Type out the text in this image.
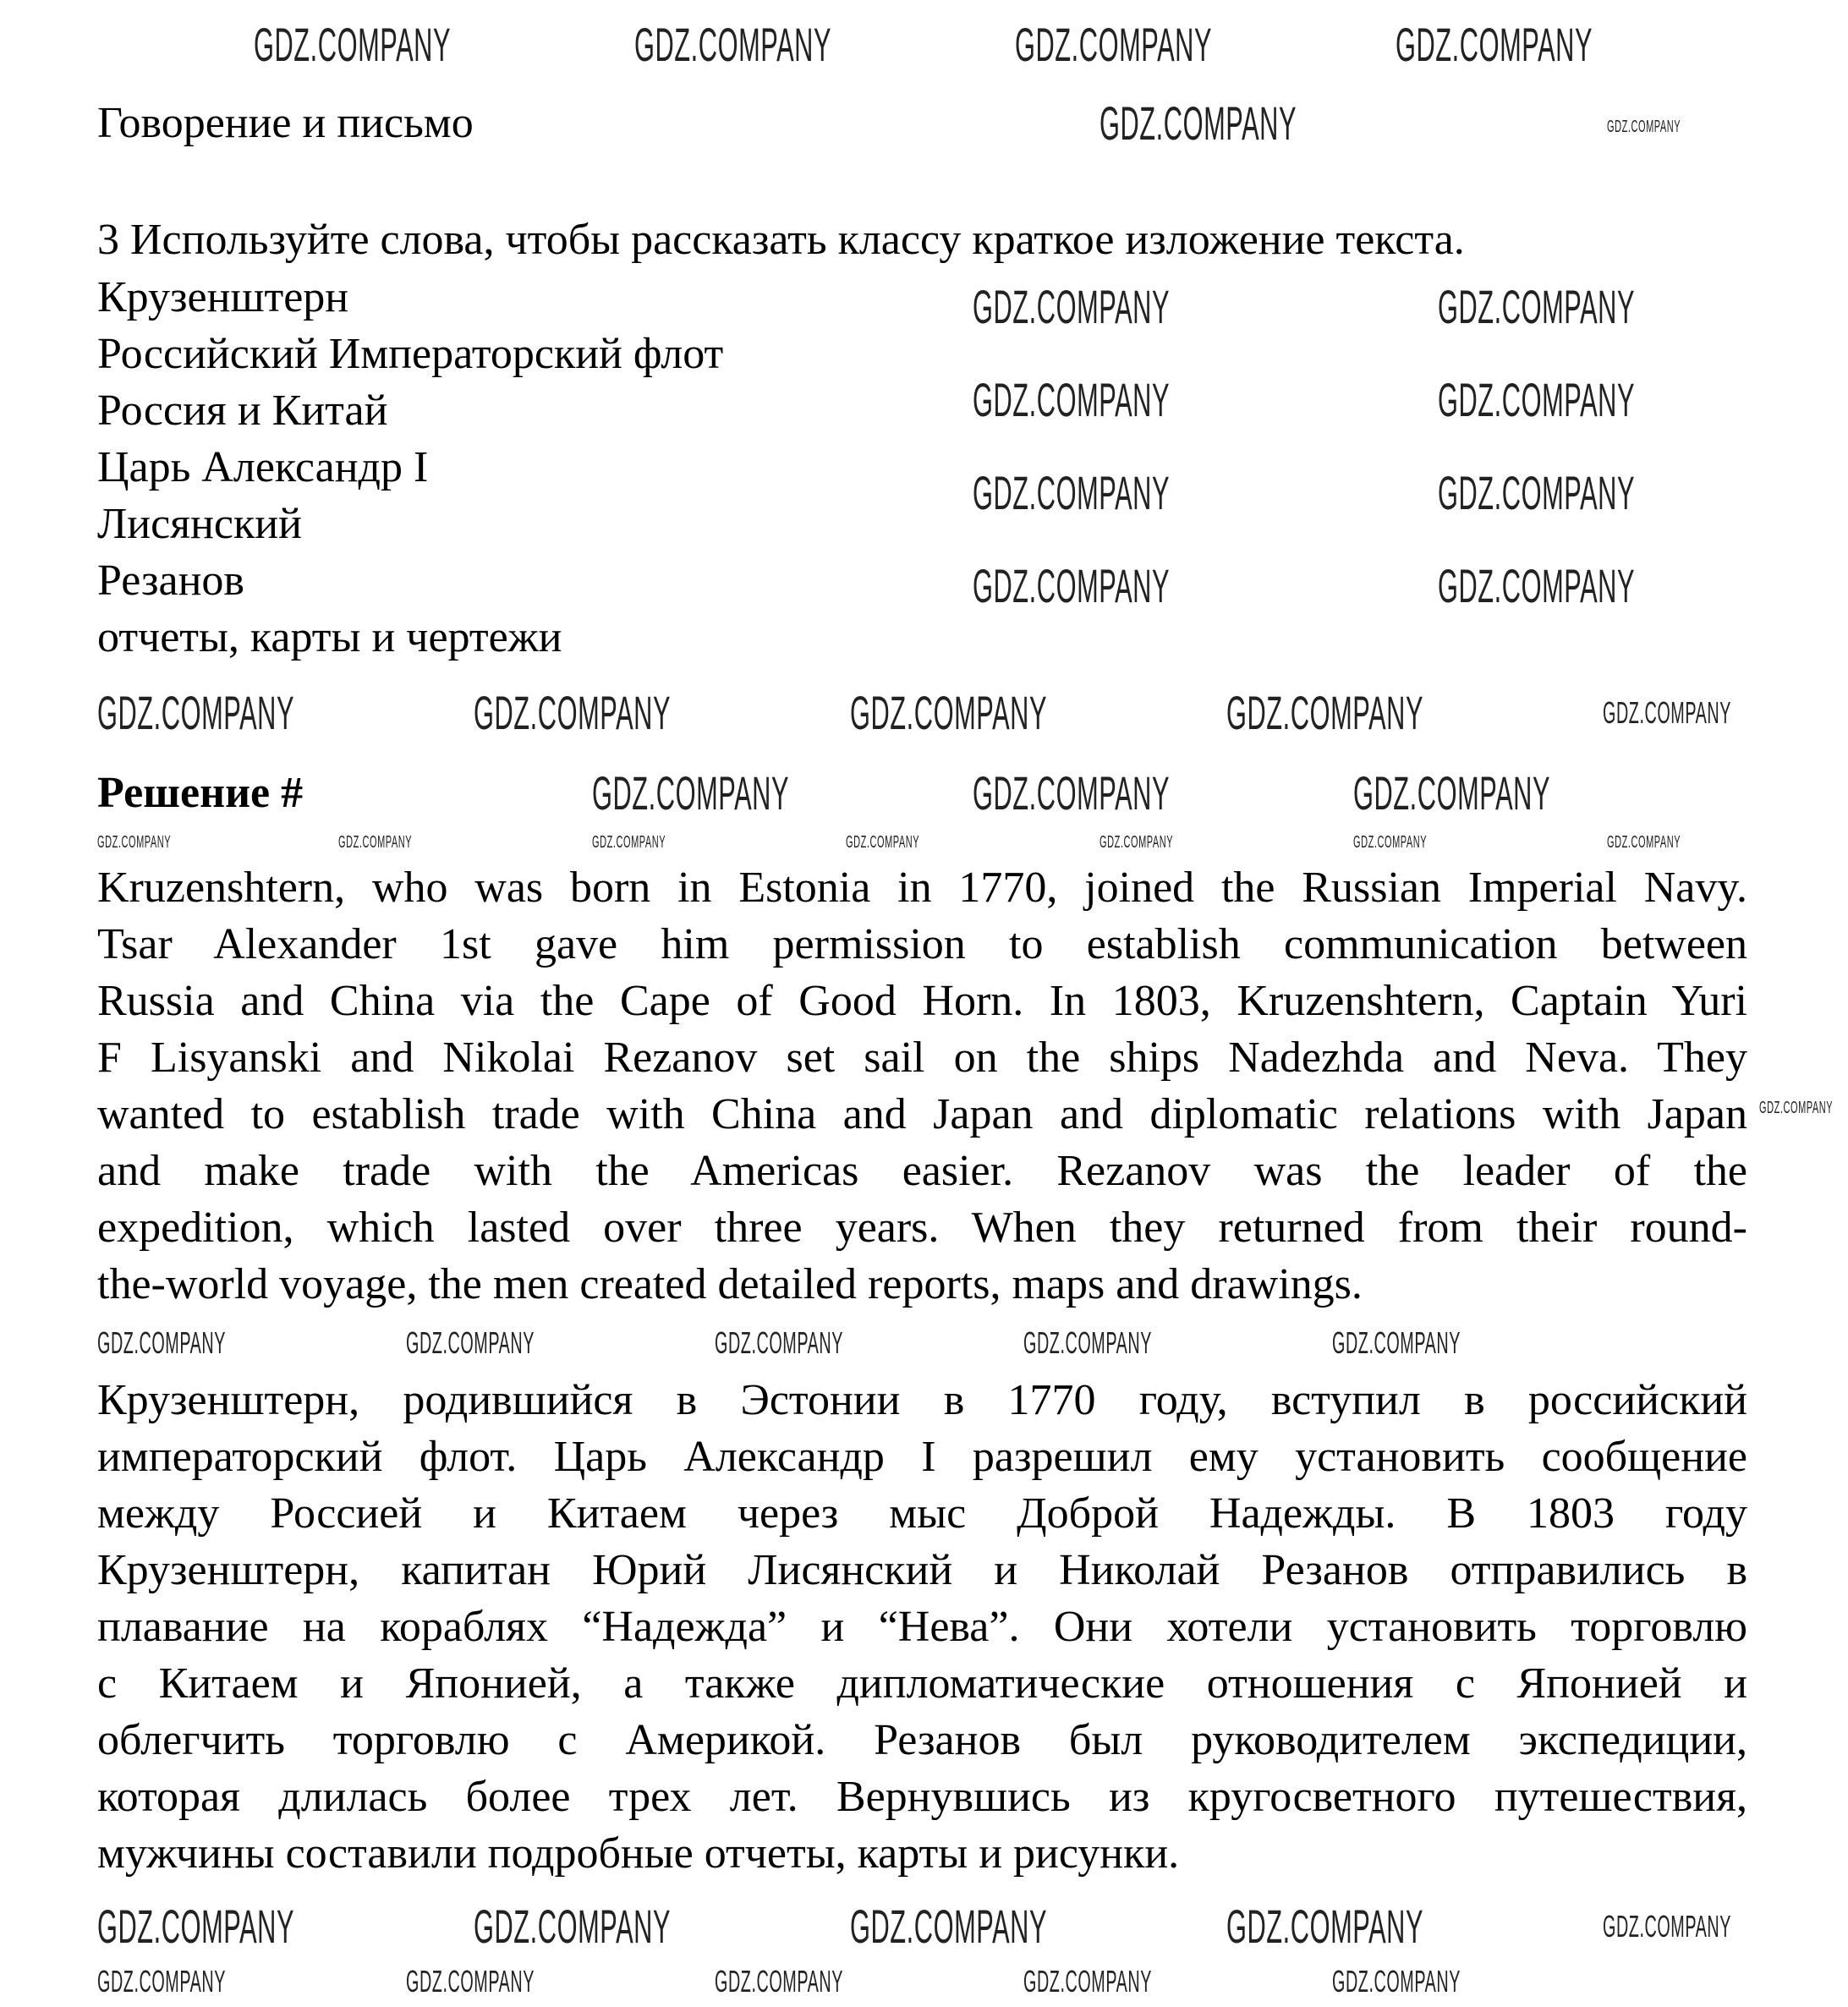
Говорение и письмо
3 Используйте слова, чтобы рассказать классу краткое изложение текста.
Крузенштерн
Российский Императорский флот
Россия и Китай
Царь Александр I
Лисянский
Резанов
отчеты, карты и чертежи
Решение #
Kruzenshtern, who was born in Estonia in 1770, joined the Russian Imperial Navy.
Tsar Alexander 1st gave him permission to establish communication between
Russia and China via the Cape of Good Horn. In 1803, Kruzenshtern, Captain Yuri
F Lisyanski and Nikolai Rezanov set sail on the ships Nadezhda and Neva. They
wanted to establish trade with China and Japan and diplomatic relations with Japan
and make trade with the Americas easier. Rezanov was the leader of the
expedition, which lasted over three years. When they returned from their round-
the-world voyage, the men created detailed reports, maps and drawings.
Крузенштерн, родившийся в Эстонии в 1770 году, вступил в российский
императорский флот. Царь Александр I разрешил ему установить сообщение
между Россией и Китаем через мыс Доброй Надежды. В 1803 году
Крузенштерн, капитан Юрий Лисянский и Николай Резанов отправились в
плавание на кораблях “Надежда” и “Нева”. Они хотели установить торговлю
с Китаем и Японией, а также дипломатические отношения с Японией и
облегчить торговлю с Америкой. Резанов был руководителем экспедиции,
которая длилась более трех лет. Вернувшись из кругосветного путешествия,
мужчины составили подробные отчеты, карты и рисунки.
GDZ.COMPANY	GDZ.COMPANY	GDZ.COMPANY	GDZ.COMPANY
GDZ.COMPANY	GDZ.COMPANY
GDZ.COMPANY	GDZ.COMPANY
GDZ.COMPANY	GDZ.COMPANY
GDZ.COMPANY	GDZ.COMPANY
GDZ.COMPANY	GDZ.COMPANY
GDZ.COMPANY	GDZ.COMPANY	GDZ.COMPANY	GDZ.COMPANY	GDZ.COMPANY
GDZ.COMPANY	GDZ.COMPANY	GDZ.COMPANY
GDZ.COMPANY	GDZ.COMPANY	GDZ.COMPANY	GDZ.COMPANY	GDZ.COMPANY	GDZ.COMPANY	GDZ.COMPANY
GDZ.COMPANY
GDZ.COMPANY	GDZ.COMPANY	GDZ.COMPANY	GDZ.COMPANY	GDZ.COMPANY
GDZ.COMPANY	GDZ.COMPANY	GDZ.COMPANY	GDZ.COMPANY
GDZ.COMPANY	GDZ.COMPANY	GDZ.COMPANY	GDZ.COMPANY	GDZ.COMPANY
GDZ.COMPANY
